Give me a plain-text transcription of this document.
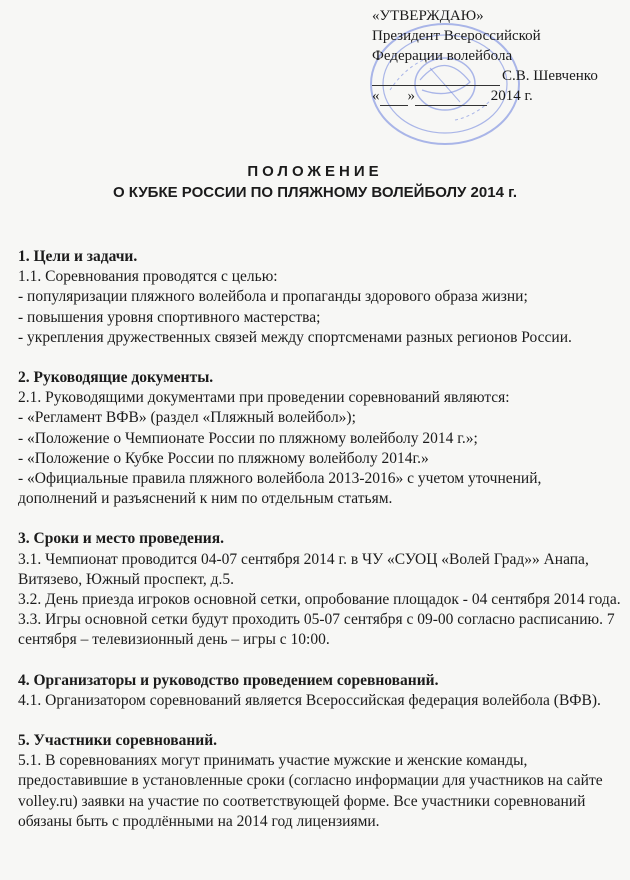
«УТВЕРЖДАЮ»
Президент Всероссийской
Федерации волейбола
С.В. Шевченко
« »	2014 г.
ПОЛОЖЕНИЕ
О КУБКЕ РОССИИ ПО ПЛЯЖНОМУ ВОЛЕЙБОЛУ 2014 г.
1. Цели и задачи.

1.1. Соревнования проводятся с целью:

- популяризации пляжного волейбола и пропаганды здорового образа жизни;

- повышения уровня спортивного мастерства;

- укрепления дружественных связей между спортсменами разных регионов России.

2. Руководящие документы.

2.1. Руководящими документами при проведении соревнований являются:

- «Регламент ВФВ» (раздел «Пляжный волейбол»);

- «Положение о Чемпионате России по пляжному волейболу 2014 г.»;

- «Положение о Кубке России по пляжному волейболу 2014г.»

- «Официальные правила пляжного волейбола 2013-2016» с учетом уточнений, дополнений и разъяснений к ним по отдельным статьям.

3. Сроки и место проведения.

3.1. Чемпионат проводится 04-07 сентября 2014 г. в ЧУ «СУОЦ «Волей Град»» Анапа, Витязево, Южный проспект, д.5.

3.2. День приезда игроков основной сетки, опробование площадок - 04 сентября 2014 года.

3.3. Игры основной сетки будут проходить 05-07 сентября с 09-00 согласно расписанию. 7 сентября – телевизионный день – игры с 10:00.

4. Организаторы и руководство проведением соревнований.

4.1. Организатором соревнований является Всероссийская федерация волейбола (ВФВ).

5. Участники соревнований.

5.1. В соревнованиях могут принимать участие мужские и женские команды, предоставившие в установленные сроки (согласно информации для участников на сайте volley.ru) заявки на участие по соответствующей форме. Все участники соревнований обязаны быть с продлёнными на 2014 год лицензиями.
